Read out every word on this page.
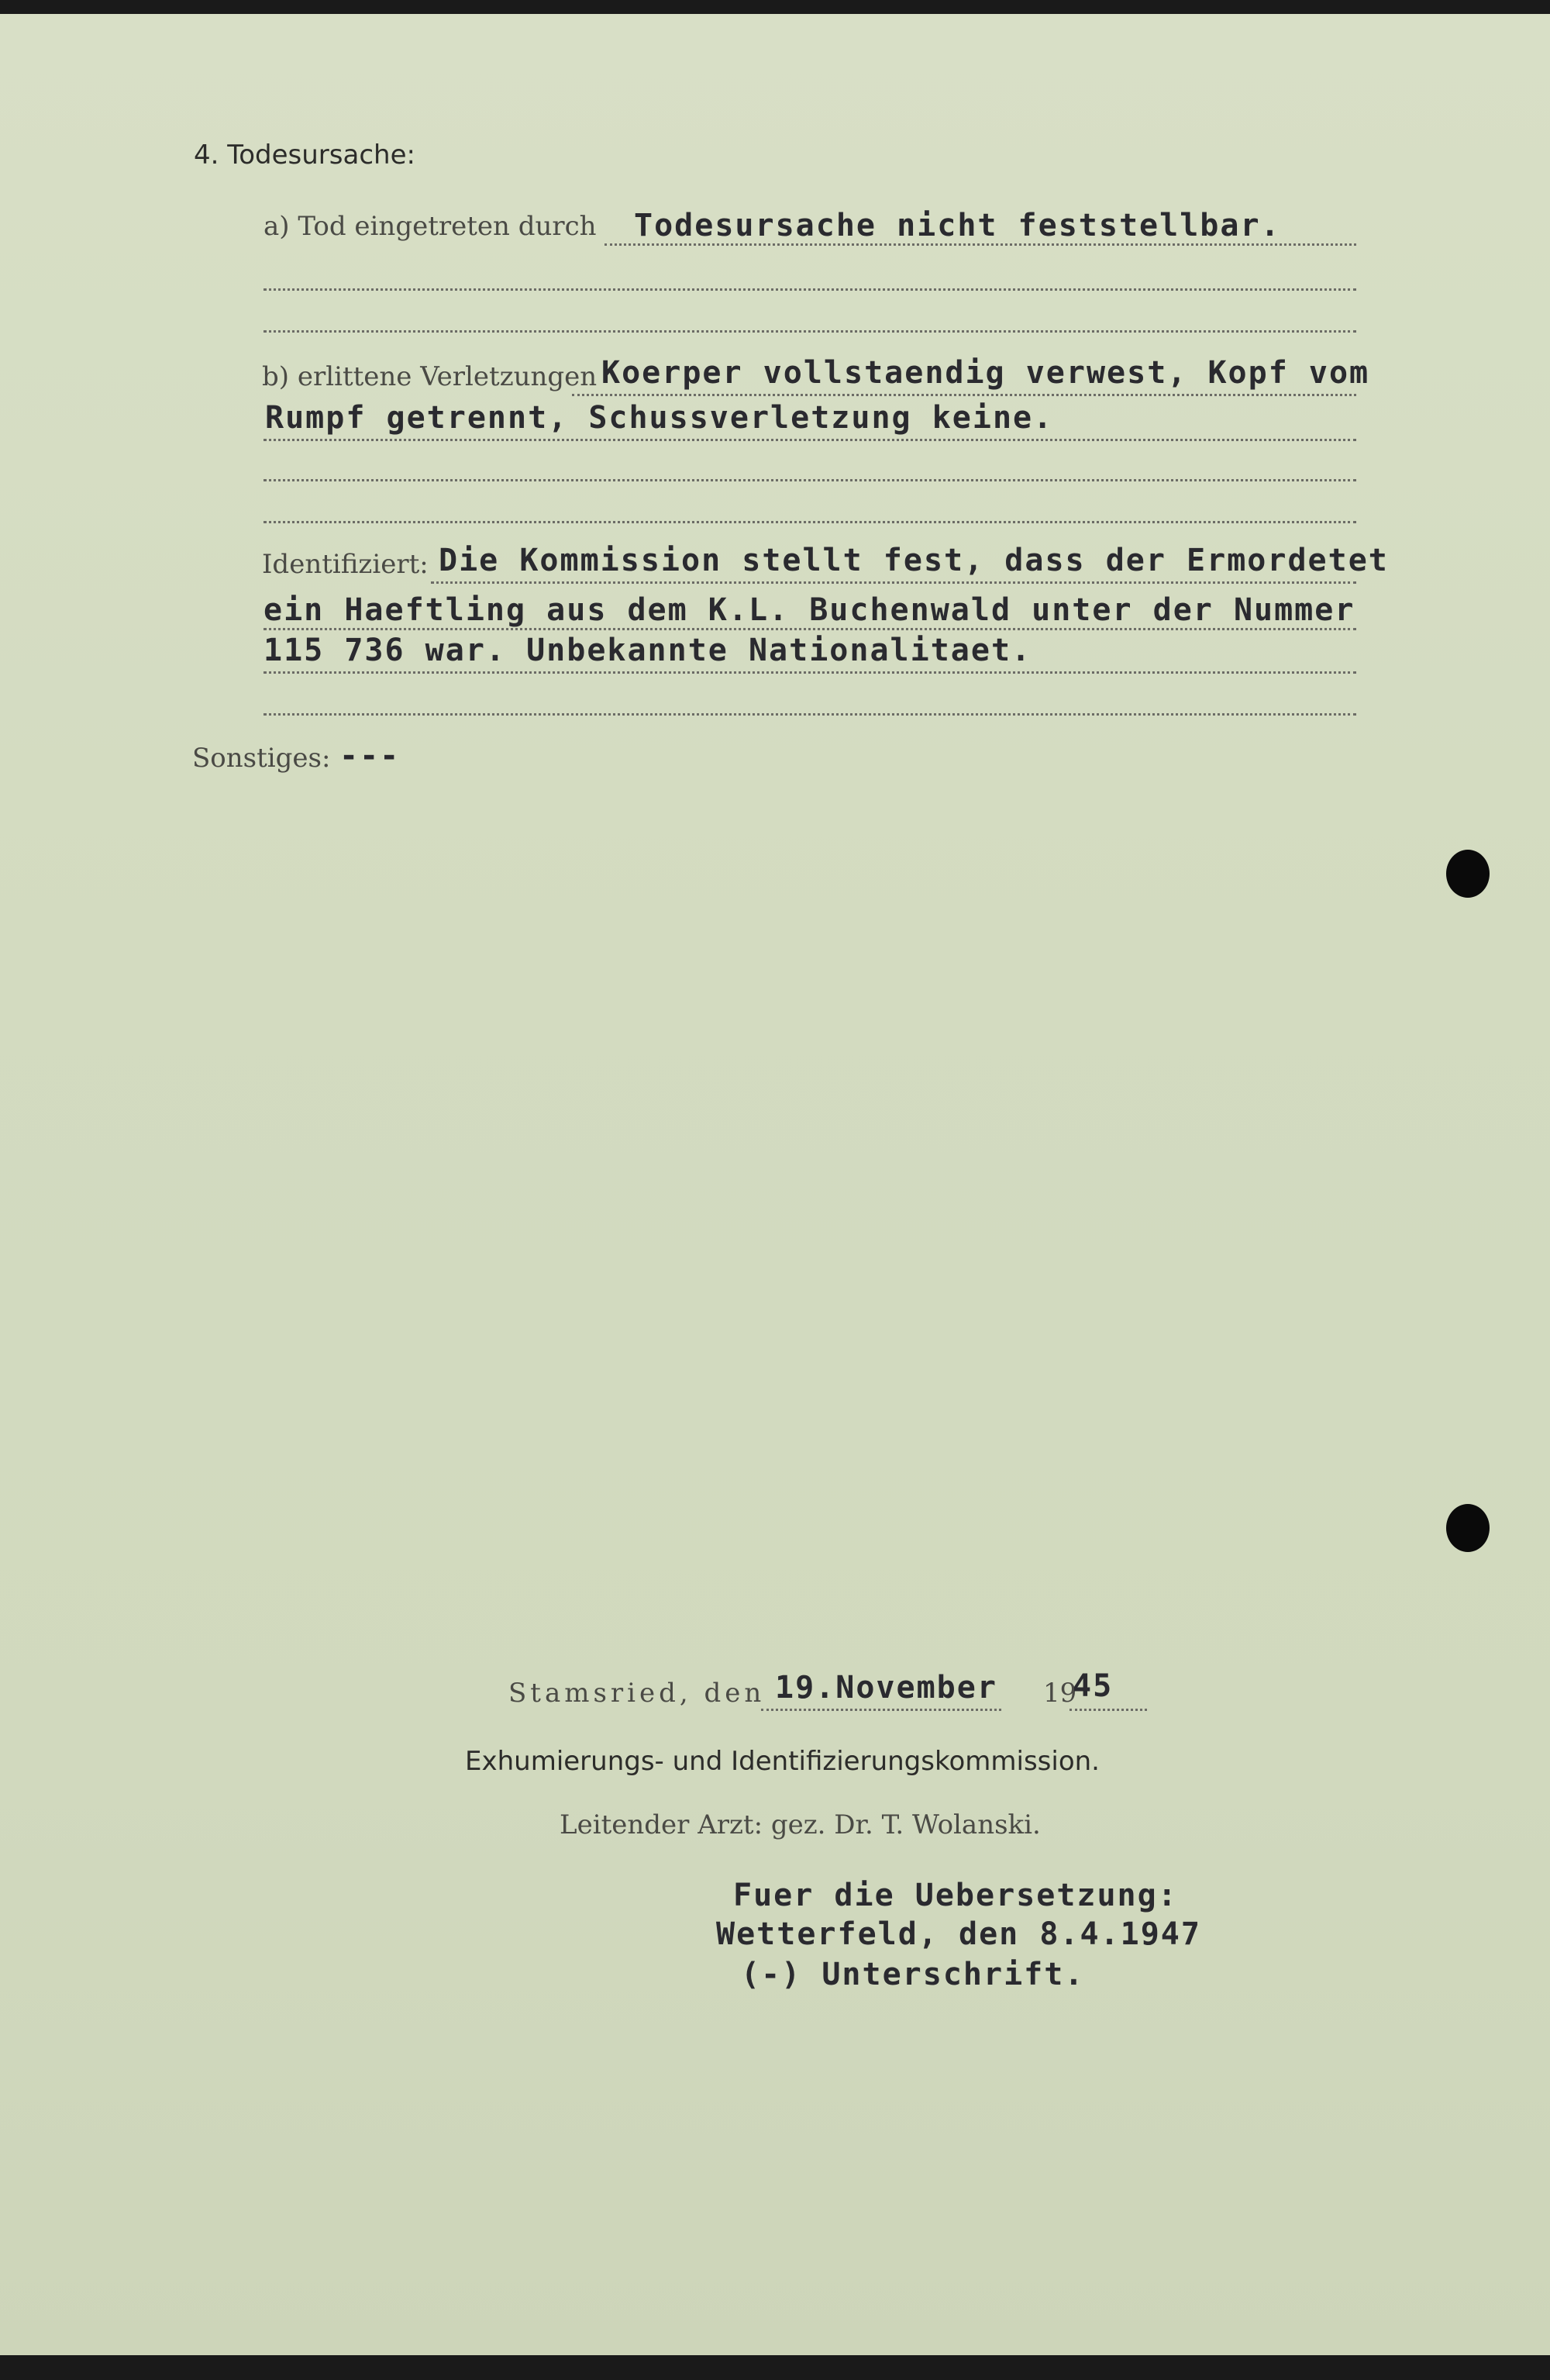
4. Todesursache:
a) Tod eingetreten durch Todesursache nicht feststellbar.
b) erlittene Verletzungen Koerper vollstaendig verwest, Kopf vom
Rumpf getrennt, Schussverletzung keine.
Identifiziert: Die Kommission stellt fest, dass der Ermordetet
ein Haeftling aus dem K.L. Buchenwald unter der Nummer
115 736 war. Unbekannte Nationalitaet.
Sonstiges: ---
Stamsried, den 19.November 19
45
Exhumierungs- und Identifizierungskommission.
Leitender Arzt: gez. Dr. T. Wolanski.
Fuer die Uebersetzung:
Wetterfeld, den 8.4.1947
(-) Unterschrift.
